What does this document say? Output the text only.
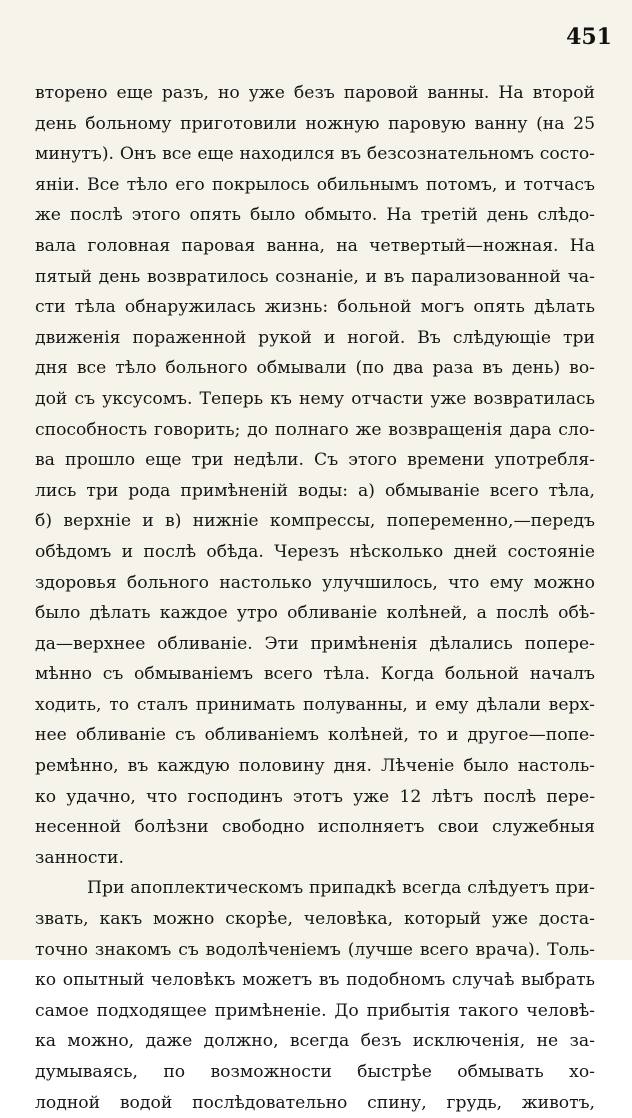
451
вторено еще разъ, но уже безъ паровой ванны. На второй
день больному приготовили ножную паровую ванну (на 25
минутъ). Онъ все еще находился въ безсознательномъ состо-
яніи. Все тѣло его покрылось обильнымъ потомъ, и тотчасъ
же послѣ этого опять было обмыто. На третій день слѣдо-
вала головная паровая ванна, на четвертый—ножная. На
пятый день возвратилось сознаніе, и въ парализованной ча-
сти тѣла обнаружилась жизнь: больной могъ опять дѣлать
движенія пораженной рукой и ногой. Въ слѣдующіе три
дня все тѣло больного обмывали (по два раза въ день) во-
дой съ уксусомъ. Теперь къ нему отчасти уже возвратилась
способность говорить; до полнаго же возвращенія дара сло-
ва прошло еще три недѣли. Съ этого времени употребля-
лись три рода примѣненій воды: а) обмываніе всего тѣла,
б) верхніе и в) нижніе компрессы, попеременно,—передъ
обѣдомъ и послѣ обѣда. Черезъ нѣсколько дней состояніе
здоровья больного настолько улучшилось, что ему можно
было дѣлать каждое утро обливаніе колѣней, а послѣ обѣ-
да—верхнее обливаніе. Эти примѣненія дѣлались попере-
мѣнно съ обмываніемъ всего тѣла. Когда больной началъ
ходить, то сталъ принимать полуванны, и ему дѣлали верх-
нее обливаніе съ обливаніемъ колѣней, то и другое—попе-
ремѣнно, въ каждую половину дня. Лѣченіе было настоль-
ко удачно, что господинъ этотъ уже 12 лѣтъ послѣ пере-
несенной болѣзни свободно исполняетъ свои служебныя
занности.
При апоплектическомъ припадкѣ всегда слѣдуетъ при-
звать, какъ можно скорѣе, человѣка, который уже доста-
точно знакомъ съ водолѣченіемъ (лучше всего врача). Толь-
ко опытный человѣкъ можетъ въ подобномъ случаѣ выбрать
самое подходящее примѣненіе. До прибытія такого человѣ-
ка можно, даже должно, всегда безъ исключенія, не за-
думываясь, по возможности быстрѣе обмывать хо-
лодной водой послѣдовательно спину, грудь, животъ,
